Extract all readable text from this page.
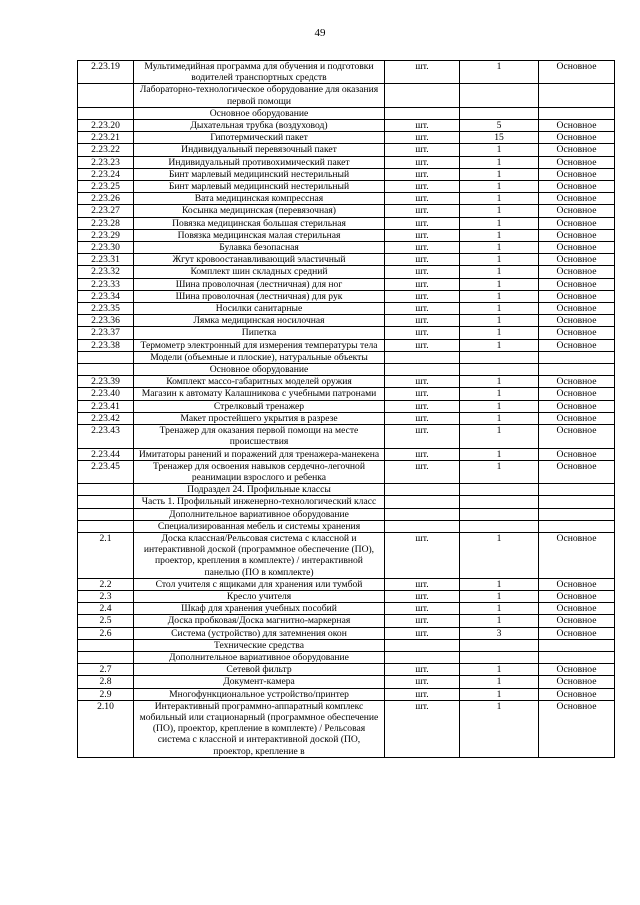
49
2.23.19	Мультимедийная программа для обучения и подготовки водителей транспортных средств	шт.	1	Основное
	Лабораторно-технологическое оборудование для оказания первой помощи			
	Основное оборудование			
2.23.20	Дыхательная трубка (воздуховод)	шт.	5	Основное
2.23.21	Гипотермический пакет	шт.	15	Основное
2.23.22	Индивидуальный перевязочный пакет	шт.	1	Основное
2.23.23	Индивидуальный противохимический пакет	шт.	1	Основное
2.23.24	Бинт марлевый медицинский нестерильный	шт.	1	Основное
2.23.25	Бинт марлевый медицинский нестерильный	шт.	1	Основное
2.23.26	Вата медицинская компрессная	шт.	1	Основное
2.23.27	Косынка медицинская (перевязочная)	шт.	1	Основное
2.23.28	Повязка медицинская большая стерильная	шт.	1	Основное
2.23.29	Повязка медицинская малая стерильная	шт.	1	Основное
2.23.30	Булавка безопасная	шт.	1	Основное
2.23.31	Жгут кровоостанавливающий эластичный	шт.	1	Основное
2.23.32	Комплект шин складных средний	шт.	1	Основное
2.23.33	Шина проволочная (лестничная) для ног	шт.	1	Основное
2.23.34	Шина проволочная (лестничная) для рук	шт.	1	Основное
2.23.35	Носилки санитарные	шт.	1	Основное
2.23.36	Лямка медицинская носилочная	шт.	1	Основное
2.23.37	Пипетка	шт.	1	Основное
2.23.38	Термометр электронный для измерения температуры тела	шт.	1	Основное
	Модели (объемные и плоские), натуральные объекты			
	Основное оборудование			
2.23.39	Комплект массо-габаритных моделей оружия	шт.	1	Основное
2.23.40	Магазин к автомату Калашникова с учебными патронами	шт.	1	Основное
2.23.41	Стрелковый тренажер	шт.	1	Основное
2.23.42	Макет простейшего укрытия в разрезе	шт.	1	Основное
2.23.43	Тренажер для оказания первой помощи на месте происшествия	шт.	1	Основное
2.23.44	Имитаторы ранений и поражений для тренажера-манекена	шт.	1	Основное
2.23.45	Тренажер для освоения навыков сердечно-легочной реанимации взрослого и ребенка	шт.	1	Основное
	Подраздел 24. Профильные классы			
	Часть 1. Профильный инженерно-технологический класс			
	Дополнительное вариативное оборудование			
	Специализированная мебель и системы хранения			
2.1	Доска классная/Рельсовая система с классной и интерактивной доской (программное обеспечение (ПО), проектор, крепления в комплекте) / интерактивной панелью (ПО в комплекте)	шт.	1	Основное
2.2	Стол учителя с ящиками для хранения или тумбой	шт.	1	Основное
2.3	Кресло учителя	шт.	1	Основное
2.4	Шкаф для хранения учебных пособий	шт.	1	Основное
2.5	Доска пробковая/Доска магнитно-маркерная	шт.	1	Основное
2.6	Система (устройство) для затемнения окон	шт.	3	Основное
	Технические средства			
	Дополнительное вариативное оборудование			
2.7	Сетевой фильтр	шт.	1	Основное
2.8	Документ-камера	шт.	1	Основное
2.9	Многофункциональное устройство/принтер	шт.	1	Основное
2.10	Интерактивный программно-аппаратный комплекс мобильный или стационарный (программное обеспечение (ПО), проектор, крепление в комплекте) / Рельсовая система с классной и интерактивной доской (ПО, проектор, крепление в	шт.	1	Основное
